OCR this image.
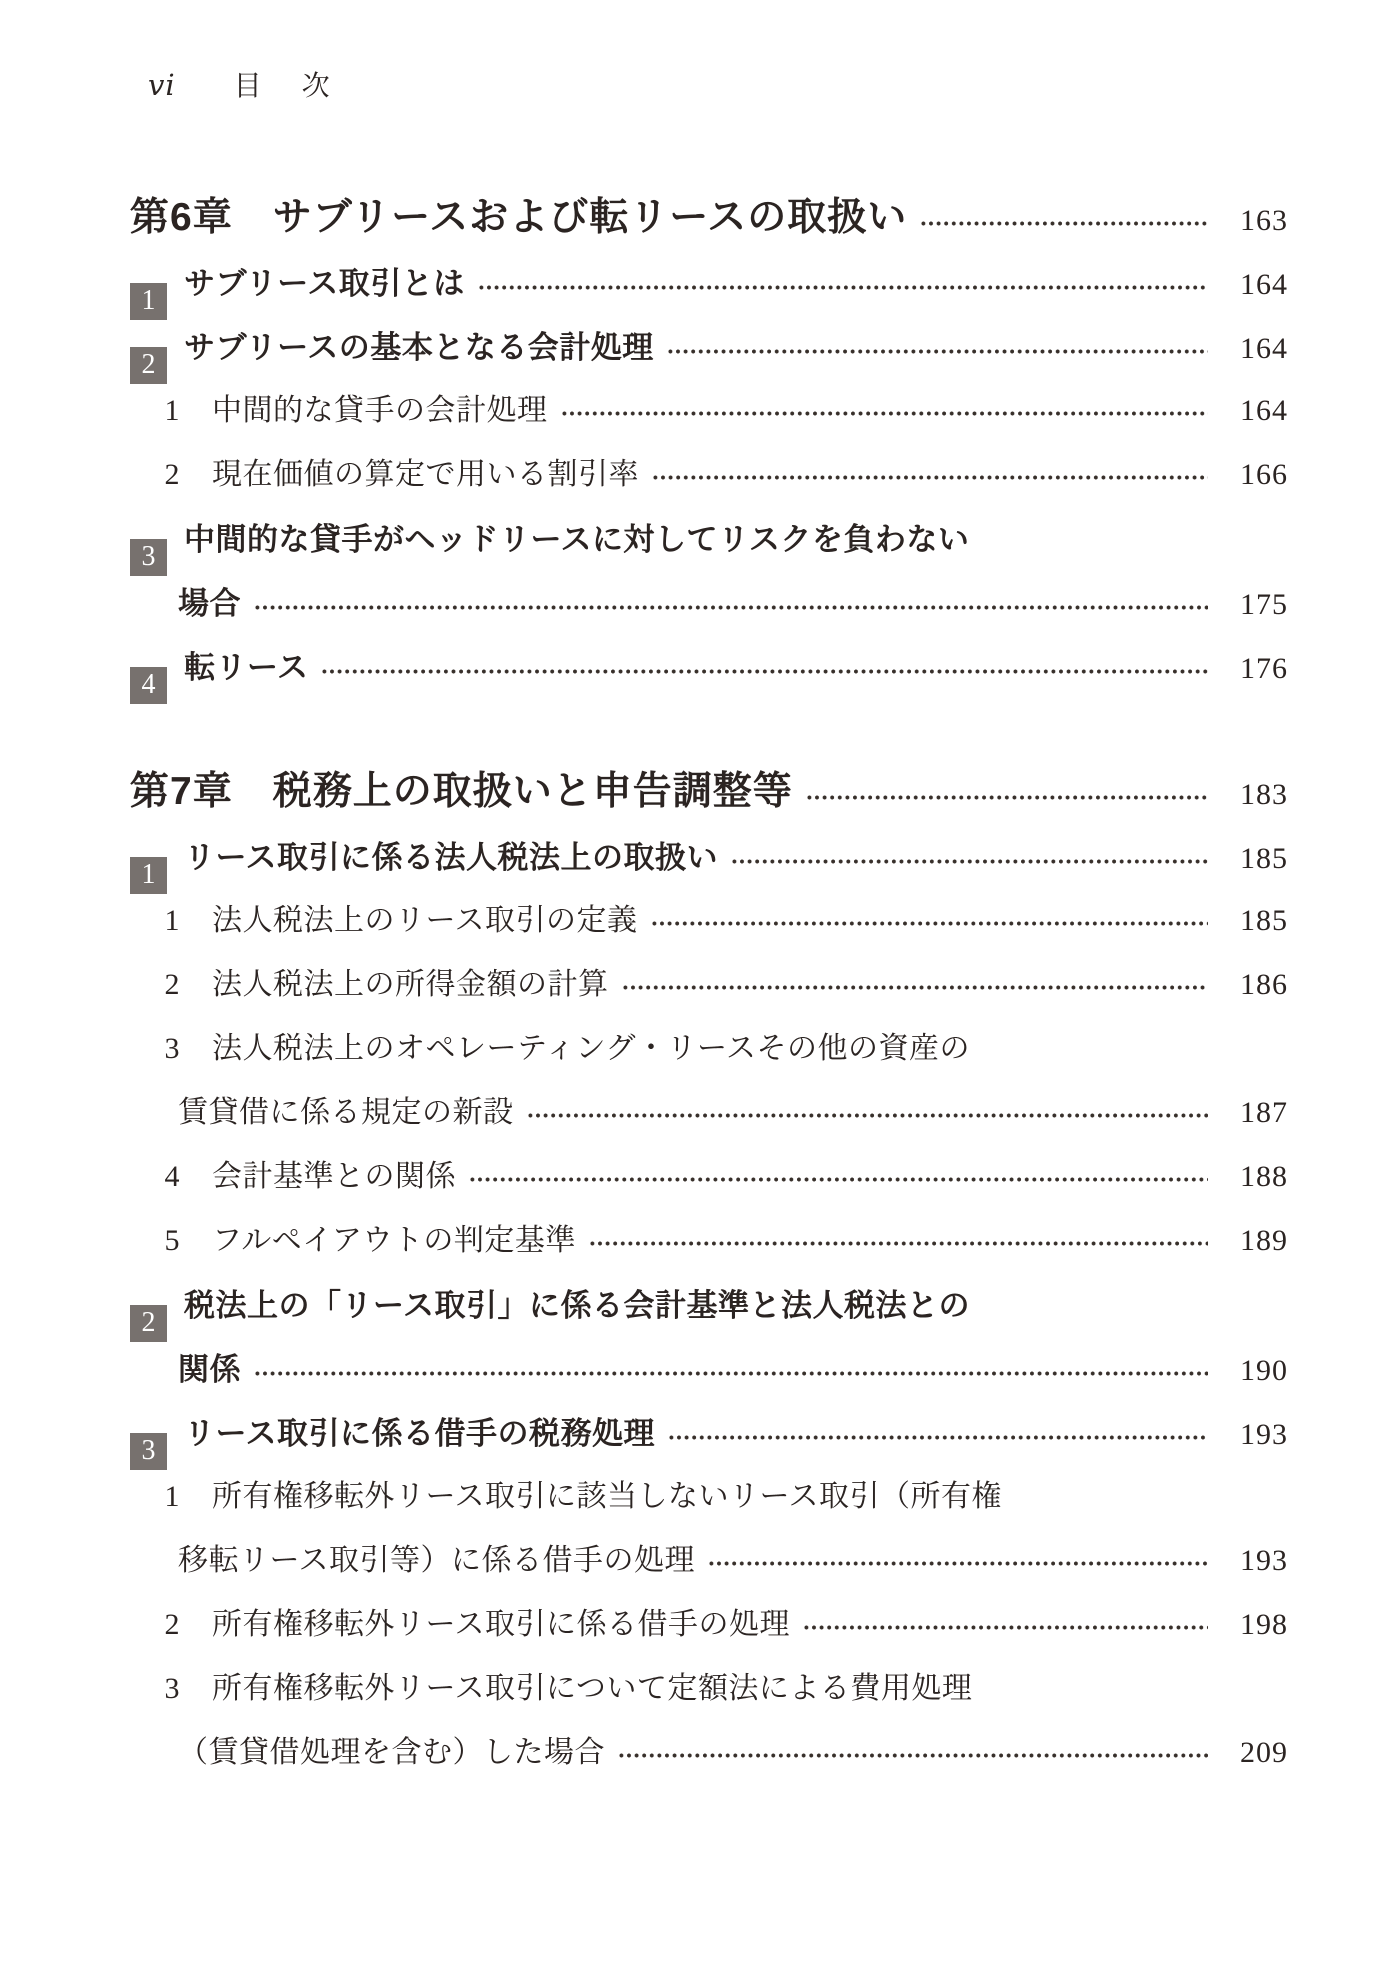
vi 目　次
第6章 サブリースおよび転リースの取扱い	163
1 サブリース取引とは	164
2 サブリースの基本となる会計処理	164
1 中間的な貸手の会計処理	164
2 現在価値の算定で用いる割引率	166
3 中間的な貸手がヘッドリースに対してリスクを負わない
場合	175
4 転リース	176
第7章 税務上の取扱いと申告調整等	183
1 リース取引に係る法人税法上の取扱い	185
1 法人税法上のリース取引の定義	185
2 法人税法上の所得金額の計算	186
3 法人税法上のオペレーティング・リースその他の資産の
賃貸借に係る規定の新設	187
4 会計基準との関係	188
5 フルペイアウトの判定基準	189
2 税法上の「リース取引」に係る会計基準と法人税法との
関係	190
3 リース取引に係る借手の税務処理	193
1 所有権移転外リース取引に該当しないリース取引（所有権
移転リース取引等）に係る借手の処理	193
2 所有権移転外リース取引に係る借手の処理	198
3 所有権移転外リース取引について定額法による費用処理
（賃貸借処理を含む）した場合	209
